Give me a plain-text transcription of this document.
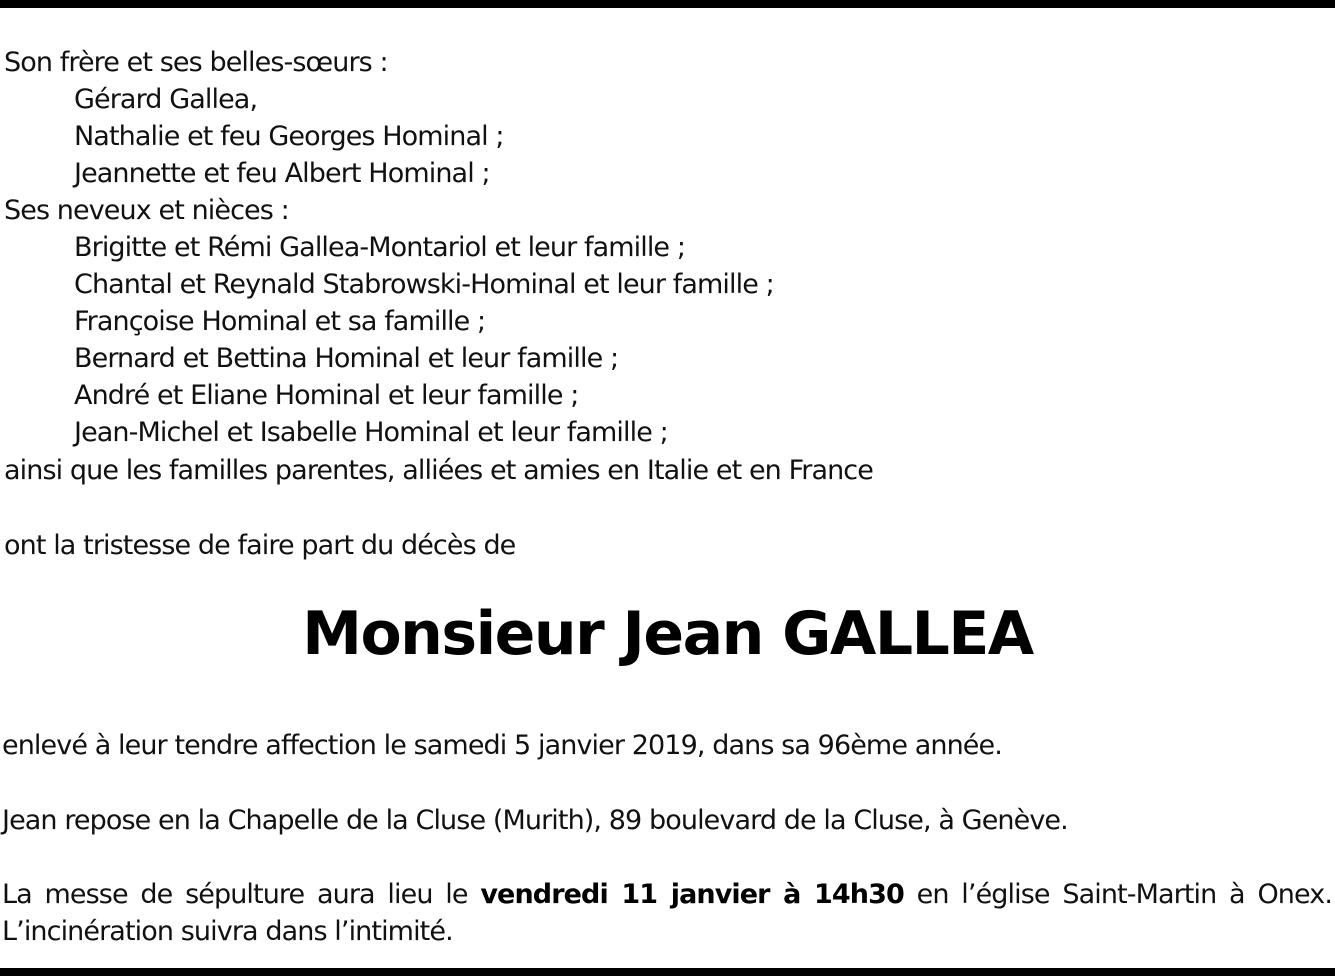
Son frère et ses belles-sœurs :
Gérard Gallea,
Nathalie et feu Georges Hominal ;
Jeannette et feu Albert Hominal ;
Ses neveux et nièces :
Brigitte et Rémi Gallea-Montariol et leur famille ;
Chantal et Reynald Stabrowski-Hominal et leur famille ;
Françoise Hominal et sa famille ;
Bernard et Bettina Hominal et leur famille ;
André et Eliane Hominal et leur famille ;
Jean-Michel et Isabelle Hominal et leur famille ;
ainsi que les familles parentes, alliées et amies en Italie et en France
ont la tristesse de faire part du décès de
Monsieur Jean GALLEA
enlevé à leur tendre affection le samedi 5 janvier 2019, dans sa 96ème année.
Jean repose en la Chapelle de la Cluse (Murith), 89 boulevard de la Cluse, à Genève.
La messe de sépulture aura lieu le vendredi 11 janvier à 14h30 en l’église Saint-Martin à Onex. L’incinération suivra dans l’intimité.
